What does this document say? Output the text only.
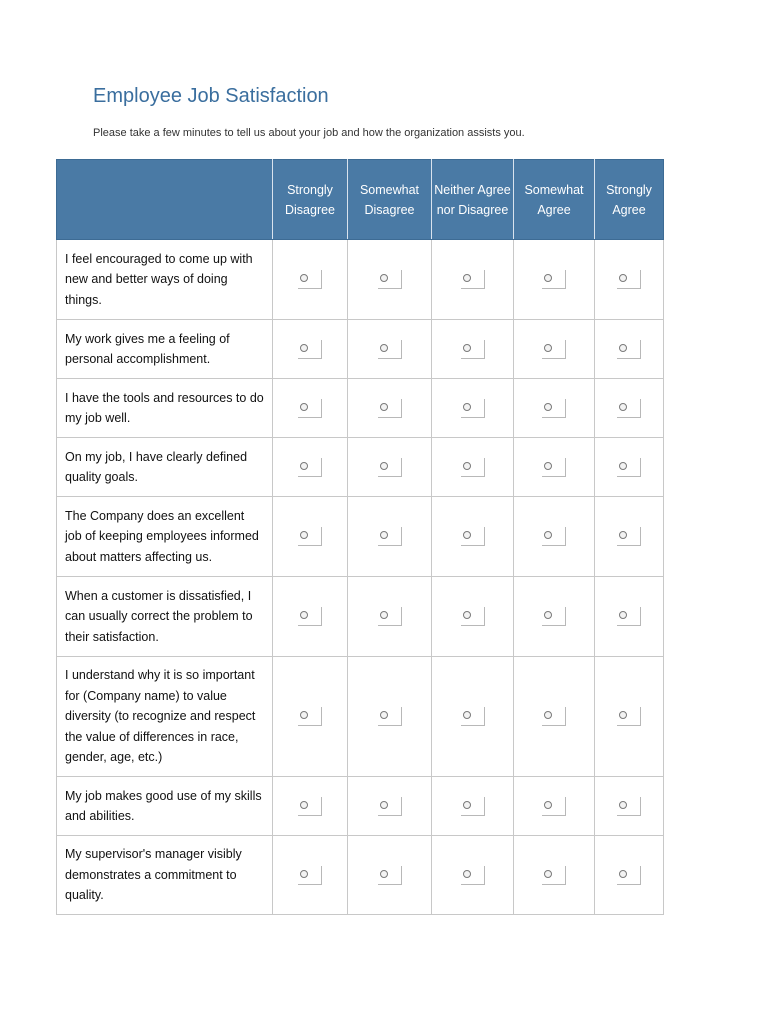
Employee Job Satisfaction

Please take a few minutes to tell us about your job and how the organization assists you.

	Strongly Disagree	Somewhat Disagree	Neither Agree nor Disagree	Somewhat Agree	Strongly Agree
I feel encouraged to come up with new and better ways of doing things.	

My work gives me a feeling of personal accomplishment.	

I have the tools and resources to do my job well.	

On my job, I have clearly defined quality goals.	

The Company does an excellent job of keeping employees informed about matters affecting us.	

When a customer is dissatisfied, I can usually correct the problem to their satisfaction.	

I understand why it is so important for (Company name) to value diversity (to recognize and respect the value of differences in race, gender, age, etc.)	

My job makes good use of my skills and abilities.	

My supervisor's manager visibly demonstrates a commitment to quality.	
